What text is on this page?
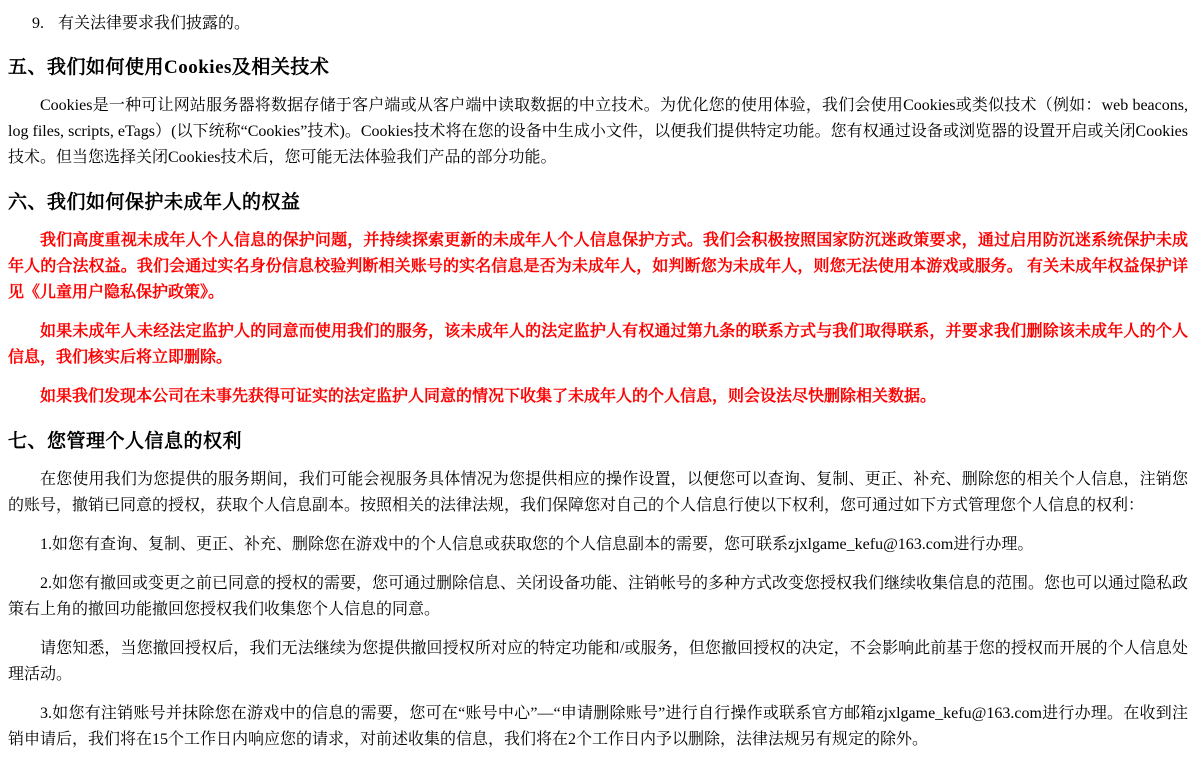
9. 有关法律要求我们披露的。
五、我们如何使用Cookies及相关技术

Cookies是一种可让网站服务器将数据存储于客户端或从客户端中读取数据的中立技术。为优化您的使用体验，我们会使用Cookies或类似技术（例如：web beacons, log files, scripts, eTags）(以下统称“Cookies”技术)。Cookies技术将在您的设备中生成小文件，以便我们提供特定功能。您有权通过设备或浏览器的设置开启或关闭Cookies技术。但当您选择关闭Cookies技术后，您可能无法体验我们产品的部分功能。

六、我们如何保护未成年人的权益

我们高度重视未成年人个人信息的保护问题，并持续探索更新的未成年人个人信息保护方式。我们会积极按照国家防沉迷政策要求，通过启用防沉迷系统保护未成年人的合法权益。我们会通过实名身份信息校验判断相关账号的实名信息是否为未成年人，如判断您为未成年人，则您无法使用本游戏或服务。 有关未成年权益保护详见《儿童用户隐私保护政策》。

如果未成年人未经法定监护人的同意而使用我们的服务，该未成年人的法定监护人有权通过第九条的联系方式与我们取得联系，并要求我们删除该未成年人的个人信息，我们核实后将立即删除。

如果我们发现本公司在未事先获得可证实的法定监护人同意的情况下收集了未成年人的个人信息，则会设法尽快删除相关数据。

七、您管理个人信息的权利

在您使用我们为您提供的服务期间，我们可能会视服务具体情况为您提供相应的操作设置，以便您可以查询、复制、更正、补充、删除您的相关个人信息，注销您的账号，撤销已同意的授权，获取个人信息副本。按照相关的法律法规，我们保障您对自己的个人信息行使以下权利，您可通过如下方式管理您个人信息的权利：

1.如您有查询、复制、更正、补充、删除您在游戏中的个人信息或获取您的个人信息副本的需要，您可联系zjxlgame_kefu@163.com进行办理。

2.如您有撤回或变更之前已同意的授权的需要，您可通过删除信息、关闭设备功能、注销帐号的多种方式改变您授权我们继续收集信息的范围。您也可以通过隐私政策右上角的撤回功能撤回您授权我们收集您个人信息的同意。

请您知悉，当您撤回授权后，我们无法继续为您提供撤回授权所对应的特定功能和/或服务，但您撤回授权的决定，不会影响此前基于您的授权而开展的个人信息处理活动。

3.如您有注销账号并抹除您在游戏中的信息的需要，您可在“账号中心”—“申请删除账号”进行自行操作或联系官方邮箱zjxlgame_kefu@163.com进行办理。在收到注销申请后，我们将在15个工作日内响应您的请求，对前述收集的信息，我们将在2个工作日内予以删除，法律法规另有规定的除外。
